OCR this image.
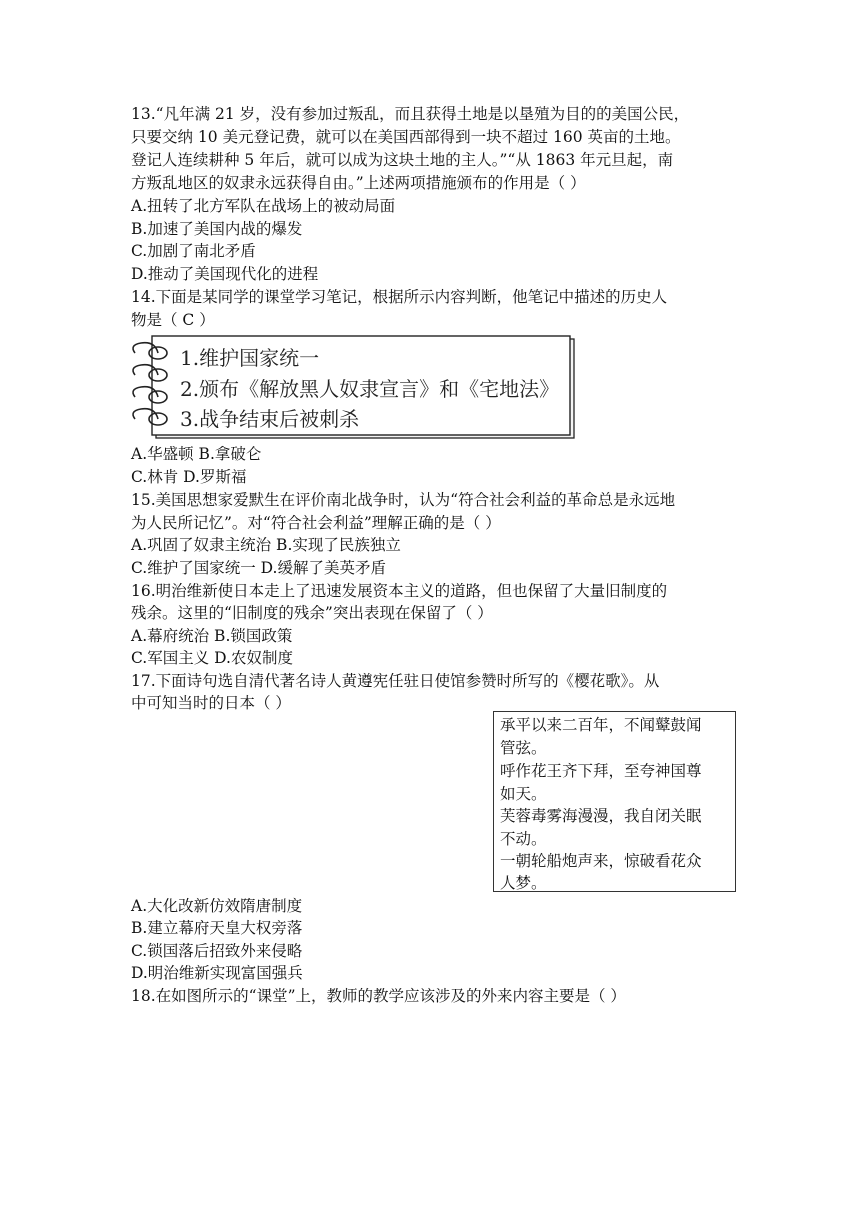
13.“凡年满 21 岁，没有参加过叛乱，而且获得土地是以垦殖为目的的美国公民，
只要交纳 10 美元登记费，就可以在美国西部得到一块不超过 160 英亩的土地。
登记人连续耕种 5 年后，就可以成为这块土地的主人。”“从 1863 年元旦起，南
方叛乱地区的奴隶永远获得自由。”上述两项措施颁布的作用是（ ）
A.扭转了北方军队在战场上的被动局面
B.加速了美国内战的爆发
C.加剧了南北矛盾
D.推动了美国现代化的进程
14.下面是某同学的课堂学习笔记，根据所示内容判断，他笔记中描述的历史人
物是（ C ）
1.维护国家统一
2.颁布《解放黑人奴隶宣言》和《宅地法》
3.战争结束后被刺杀
A.华盛顿 B.拿破仑
C.林肯 D.罗斯福
15.美国思想家爱默生在评价南北战争时，认为“符合社会利益的革命总是永远地
为人民所记忆”。对“符合社会利益”理解正确的是（ ）
A.巩固了奴隶主统治 B.实现了民族独立
C.维护了国家统一 D.缓解了美英矛盾
16.明治维新使日本走上了迅速发展资本主义的道路，但也保留了大量旧制度的
残余。这里的“旧制度的残余”突出表现在保留了（ ）
A.幕府统治 B.锁国政策
C.军国主义 D.农奴制度
17.下面诗句选自清代著名诗人黄遵宪任驻日使馆参赞时所写的《樱花歌》。从
中可知当时的日本（ ）
承平以来二百年，不闻鼙鼓闻
管弦。
呼作花王齐下拜，至夸神国尊
如天。
芙蓉毒雾海漫漫，我自闭关眠
不动。
一朝轮船炮声来，惊破看花众
人梦。
A.大化改新仿效隋唐制度
B.建立幕府天皇大权旁落
C.锁国落后招致外来侵略
D.明治维新实现富国强兵
18.在如图所示的“课堂”上，教师的教学应该涉及的外来内容主要是（ ）
